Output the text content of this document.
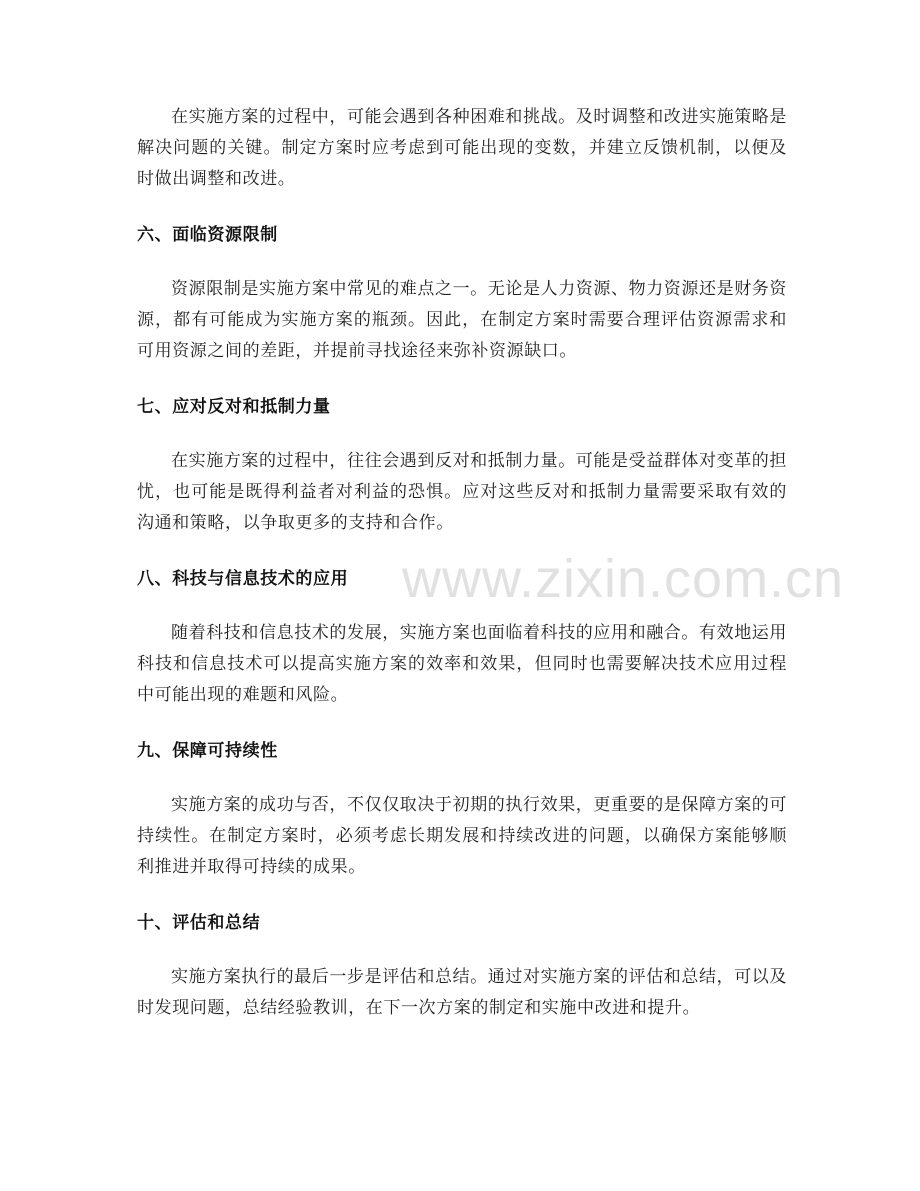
在实施方案的过程中，可能会遇到各种困难和挑战。及时调整和改进实施策略是解决问题的关键。制定方案时应考虑到可能出现的变数，并建立反馈机制，以便及时做出调整和改进。

六、面临资源限制

资源限制是实施方案中常见的难点之一。无论是人力资源、物力资源还是财务资源，都有可能成为实施方案的瓶颈。因此，在制定方案时需要合理评估资源需求和可用资源之间的差距，并提前寻找途径来弥补资源缺口。

七、应对反对和抵制力量

在实施方案的过程中，往往会遇到反对和抵制力量。可能是受益群体对变革的担忧，也可能是既得利益者对利益的恐惧。应对这些反对和抵制力量需要采取有效的沟通和策略，以争取更多的支持和合作。

八、科技与信息技术的应用

随着科技和信息技术的发展，实施方案也面临着科技的应用和融合。有效地运用科技和信息技术可以提高实施方案的效率和效果，但同时也需要解决技术应用过程中可能出现的难题和风险。

九、保障可持续性

实施方案的成功与否，不仅仅取决于初期的执行效果，更重要的是保障方案的可持续性。在制定方案时，必须考虑长期发展和持续改进的问题，以确保方案能够顺利推进并取得可持续的成果。

十、评估和总结

实施方案执行的最后一步是评估和总结。通过对实施方案的评估和总结，可以及时发现问题，总结经验教训，在下一次方案的制定和实施中改进和提升。

www.zixin.com.cn
